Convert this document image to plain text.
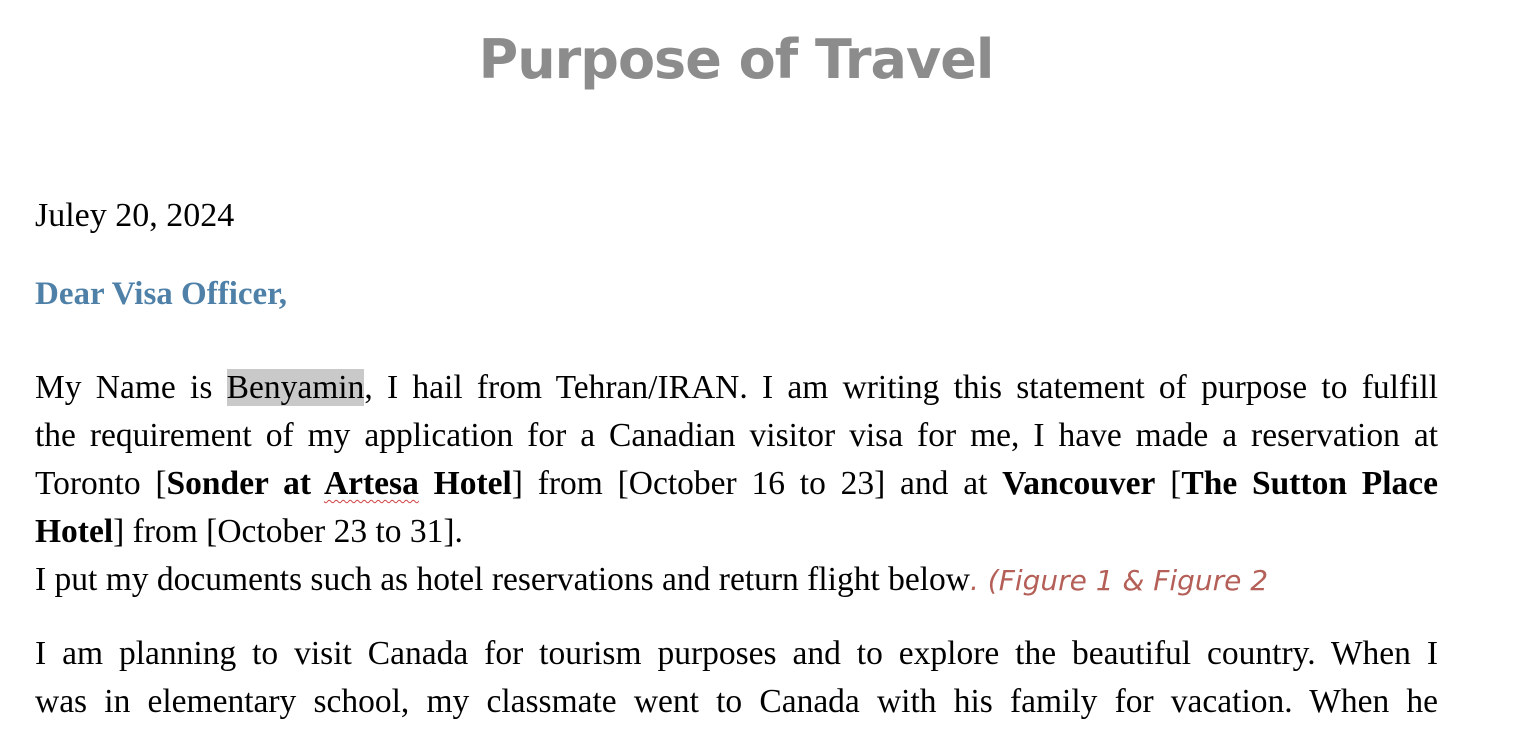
Purpose of Travel

Juley 20, 2024

Dear Visa Officer,

My Name is Benyamin, I hail from Tehran/IRAN. I am writing this statement of purpose to fulfill
the requirement of my application for a Canadian visitor visa for me, I have made a reservation at
Toronto [Sonder at Artesa Hotel] from [October 16 to 23] and at Vancouver [The Sutton Place
Hotel] from [October 23 to 31].
I put my documents such as hotel reservations and return flight below. (Figure 1 & Figure 2
I am planning to visit Canada for tourism purposes and to explore the beautiful country. When I
was in elementary school, my classmate went to Canada with his family for vacation. When he
